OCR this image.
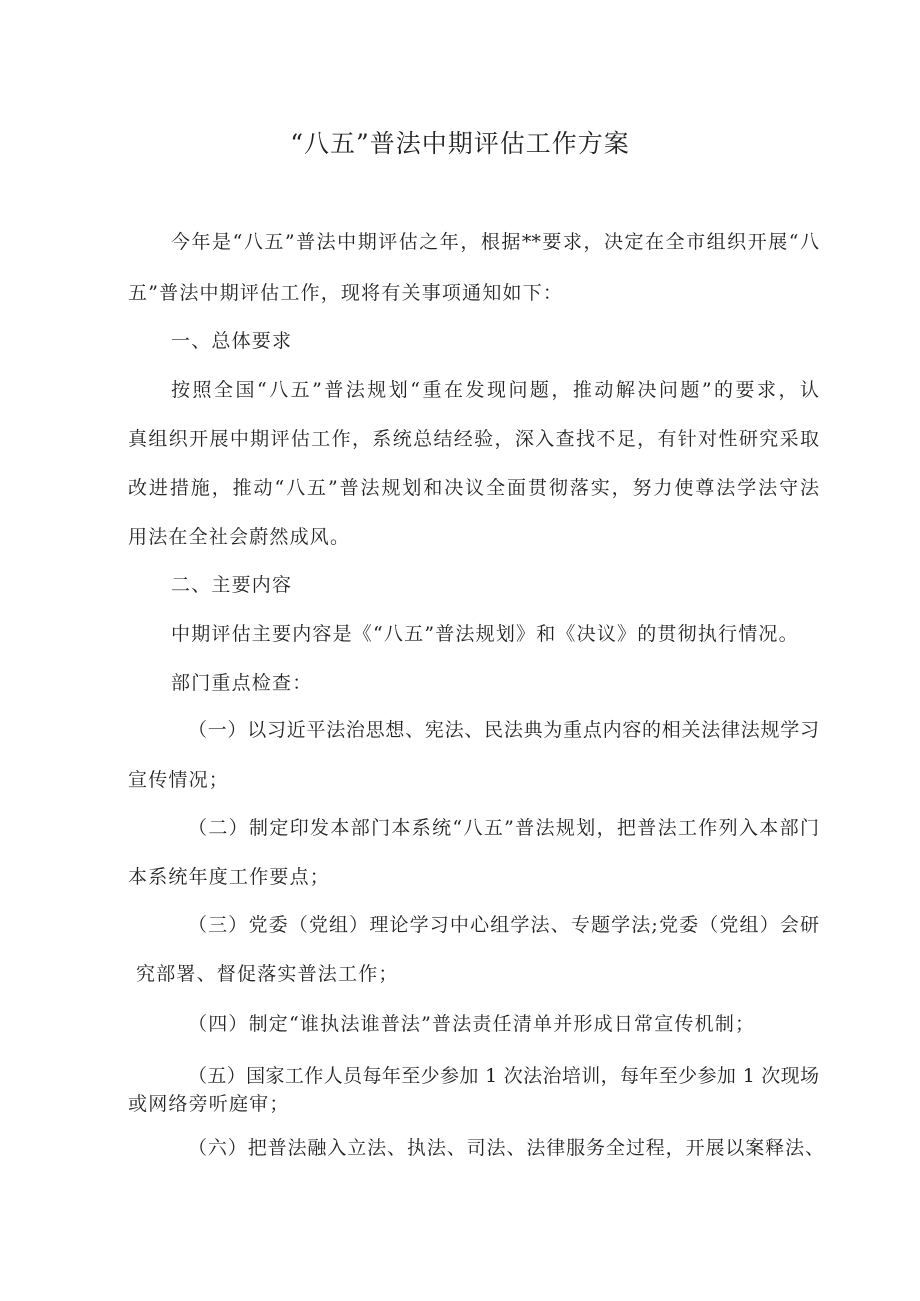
“八五”普法中期评估工作方案
今年是“八五”普法中期评估之年，根据**要求，决定在全市组织开展“八
五”普法中期评估工作，现将有关事项通知如下：
一、总体要求
按照全国“八五”普法规划“重在发现问题，推动解决问题”的要求，认
真组织开展中期评估工作，系统总结经验，深入查找不足，有针对性研究采取
改进措施，推动“八五”普法规划和决议全面贯彻落实，努力使尊法学法守法
用法在全社会蔚然成风。
二、主要内容
中期评估主要内容是《“八五”普法规划》和《决议》的贯彻执行情况。
部门重点检查：
（一）以习近平法治思想、宪法、民法典为重点内容的相关法律法规学习
宣传情况；
（二）制定印发本部门本系统“八五”普法规划，把普法工作列入本部门
本系统年度工作要点；
（三）党委（党组）理论学习中心组学法、专题学法;党委（党组）会研
究部署、督促落实普法工作；
（四）制定“谁执法谁普法”普法责任清单并形成日常宣传机制；
（五）国家工作人员每年至少参加 1 次法治培训，每年至少参加 1 次现场
或网络旁听庭审；
（六）把普法融入立法、执法、司法、法律服务全过程，开展以案释法、
